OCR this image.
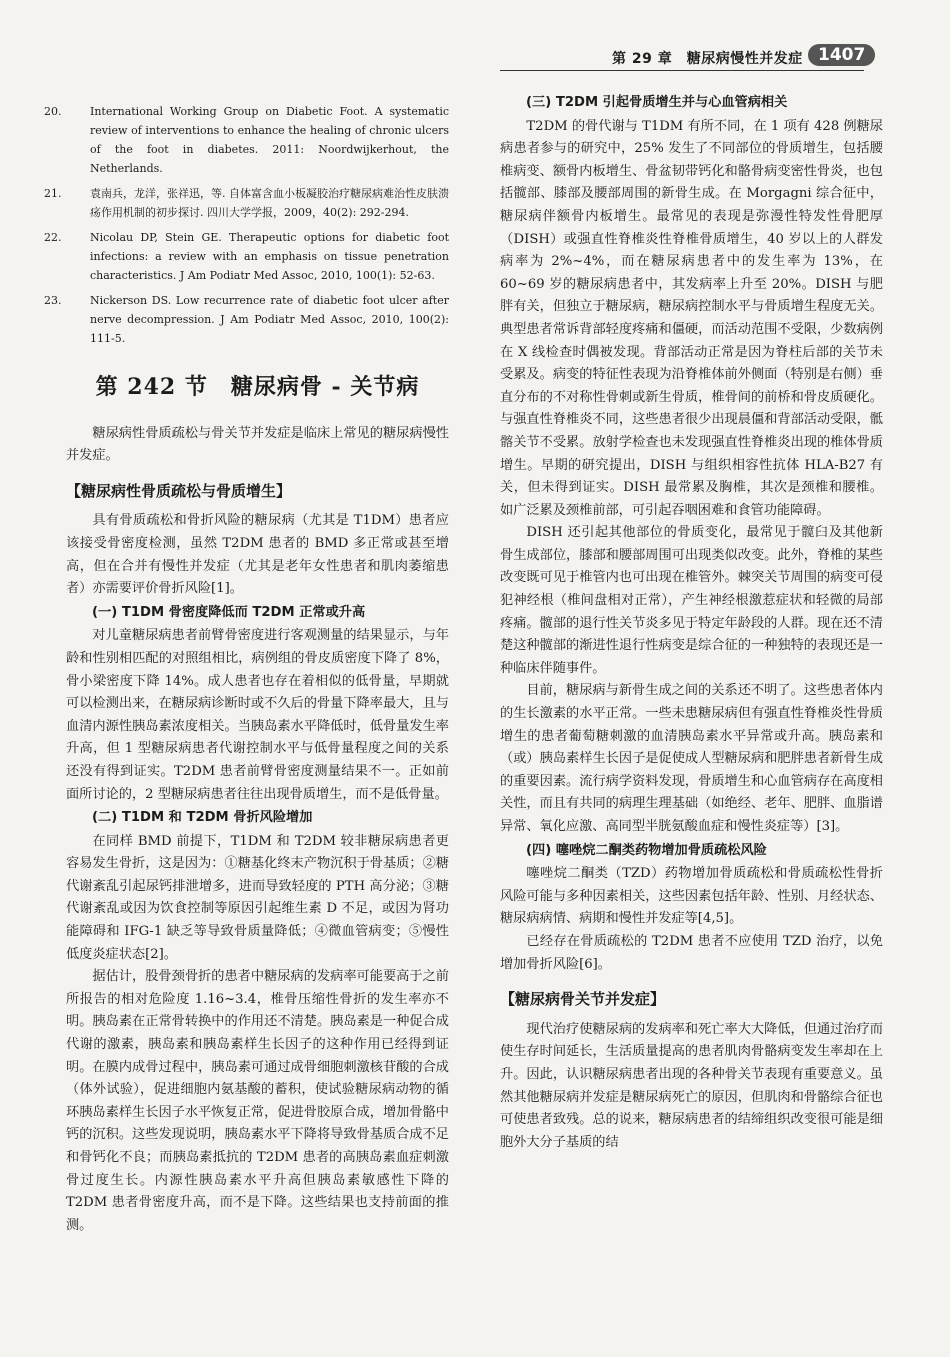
第 29 章　糖尿病慢性并发症 1407
20.	International Working Group on Diabetic Foot. A systematic review of interventions to enhance the healing of chronic ulcers of the foot in diabetes. 2011: Noordwijkerhout, the Netherlands.
21.	袁南兵，龙洋，张祥迅，等. 自体富含血小板凝胶治疗糖尿病难治性皮肤溃疡作用机制的初步探讨. 四川大学学报，2009，40(2): 292-294.
22.	Nicolau DP, Stein GE. Therapeutic options for diabetic foot infections: a review with an emphasis on tissue penetration characteristics. J Am Podiatr Med Assoc, 2010, 100(1): 52-63.
23.	Nickerson DS. Low recurrence rate of diabetic foot ulcer after nerve decompression. J Am Podiatr Med Assoc, 2010, 100(2): 111-5.
第 242 节　糖尿病骨 - 关节病

糖尿病性骨质疏松与骨关节并发症是临床上常见的糖尿病慢性并发症。

【糖尿病性骨质疏松与骨质增生】

具有骨质疏松和骨折风险的糖尿病（尤其是 T1DM）患者应该接受骨密度检测，虽然 T2DM 患者的 BMD 多正常或甚至增高，但在合并有慢性并发症（尤其是老年女性患者和肌肉萎缩患者）亦需要评价骨折风险[1]。

(一) T1DM 骨密度降低而 T2DM 正常或升高

对儿童糖尿病患者前臂骨密度进行客观测量的结果显示，与年龄和性别相匹配的对照组相比，病例组的骨皮质密度下降了 8%，骨小梁密度下降 14%。成人患者也存在着相似的低骨量，早期就可以检测出来，在糖尿病诊断时或不久后的骨量下降率最大，且与血清内源性胰岛素浓度相关。当胰岛素水平降低时，低骨量发生率升高，但 1 型糖尿病患者代谢控制水平与低骨量程度之间的关系还没有得到证实。T2DM 患者前臂骨密度测量结果不一。正如前面所讨论的，2 型糖尿病患者往往出现骨质增生，而不是低骨量。

(二) T1DM 和 T2DM 骨折风险增加

在同样 BMD 前提下，T1DM 和 T2DM 较非糖尿病患者更容易发生骨折，这是因为：①糖基化终末产物沉积于骨基质；②糖代谢紊乱引起尿钙排泄增多，进而导致轻度的 PTH 高分泌；③糖代谢紊乱或因为饮食控制等原因引起维生素 D 不足，或因为肾功能障碍和 IFG-1 缺乏等导致骨质量降低；④微血管病变；⑤慢性低度炎症状态[2]。

据估计，股骨颈骨折的患者中糖尿病的发病率可能要高于之前所报告的相对危险度 1.16~3.4，椎骨压缩性骨折的发生率亦不明。胰岛素在正常骨转换中的作用还不清楚。胰岛素是一种促合成代谢的激素，胰岛素和胰岛素样生长因子的这种作用已经得到证明。在膜内成骨过程中，胰岛素可通过成骨细胞刺激核苷酸的合成（体外试验），促进细胞内氨基酸的蓄积，使试验糖尿病动物的循环胰岛素样生长因子水平恢复正常，促进骨胶原合成，增加骨骼中钙的沉积。这些发现说明，胰岛素水平下降将导致骨基质合成不足和骨钙化不良；而胰岛素抵抗的 T2DM 患者的高胰岛素血症刺激骨过度生长。内源性胰岛素水平升高但胰岛素敏感性下降的 T2DM 患者骨密度升高，而不是下降。这些结果也支持前面的推测。

(三) T2DM 引起骨质增生并与心血管病相关

T2DM 的骨代谢与 T1DM 有所不同，在 1 项有 428 例糖尿病患者参与的研究中，25% 发生了不同部位的骨质增生，包括腰椎病变、额骨内板增生、骨盆韧带钙化和骼骨病变密性骨炎，也包括髋部、膝部及腰部周围的新骨生成。在 Morgagni 综合征中，糖尿病伴额骨内板增生。最常见的表现是弥漫性特发性骨肥厚（DISH）或强直性脊椎炎性脊椎骨质增生，40 岁以上的人群发病率为 2%~4%，而在糖尿病患者中的发生率为 13%，在 60~69 岁的糖尿病患者中，其发病率上升至 20%。DISH 与肥胖有关，但独立于糖尿病，糖尿病控制水平与骨质增生程度无关。典型患者常诉背部轻度疼痛和僵硬，而活动范围不受限，少数病例在 X 线检查时偶被发现。背部活动正常是因为脊柱后部的关节未受累及。病变的特征性表现为沿脊椎体前外侧面（特别是右侧）垂直分布的不对称性骨刺或新生骨质，椎骨间的前桥和骨皮质硬化。与强直性脊椎炎不同，这些患者很少出现晨僵和背部活动受限，骶髂关节不受累。放射学检查也未发现强直性脊椎炎出现的椎体骨质增生。早期的研究提出，DISH 与组织相容性抗体 HLA-B27 有关，但未得到证实。DISH 最常累及胸椎，其次是颈椎和腰椎。如广泛累及颈椎前部，可引起吞咽困难和食管功能障碍。

DISH 还引起其他部位的骨质变化，最常见于髋臼及其他新骨生成部位，膝部和腰部周围可出现类似改变。此外，脊椎的某些改变既可见于椎管内也可出现在椎管外。棘突关节周围的病变可侵犯神经根（椎间盘相对正常），产生神经根激惹症状和轻微的局部疼痛。髋部的退行性关节炎多见于特定年龄段的人群。现在还不清楚这种髋部的渐进性退行性病变是综合征的一种独特的表现还是一种临床伴随事件。

目前，糖尿病与新骨生成之间的关系还不明了。这些患者体内的生长激素的水平正常。一些未患糖尿病但有强直性脊椎炎性骨质增生的患者葡萄糖刺激的血清胰岛素水平异常或升高。胰岛素和（或）胰岛素样生长因子是促使成人型糖尿病和肥胖患者新骨生成的重要因素。流行病学资料发现，骨质增生和心血管病存在高度相关性，而且有共同的病理生理基础（如绝经、老年、肥胖、血脂谱异常、氧化应激、高同型半胱氨酸血症和慢性炎症等）[3]。

(四) 噻唑烷二酮类药物增加骨质疏松风险

噻唑烷二酮类（TZD）药物增加骨质疏松和骨质疏松性骨折风险可能与多种因素相关，这些因素包括年龄、性别、月经状态、糖尿病病情、病期和慢性并发症等[4,5]。

已经存在骨质疏松的 T2DM 患者不应使用 TZD 治疗，以免增加骨折风险[6]。

【糖尿病骨关节并发症】

现代治疗使糖尿病的发病率和死亡率大大降低，但通过治疗而使生存时间延长，生活质量提高的患者肌肉骨骼病变发生率却在上升。因此，认识糖尿病患者出现的各种骨关节表现有重要意义。虽然其他糖尿病并发症是糖尿病死亡的原因，但肌肉和骨骼综合征也可使患者致残。总的说来，糖尿病患者的结缔组织改变很可能是细胞外大分子基质的结
